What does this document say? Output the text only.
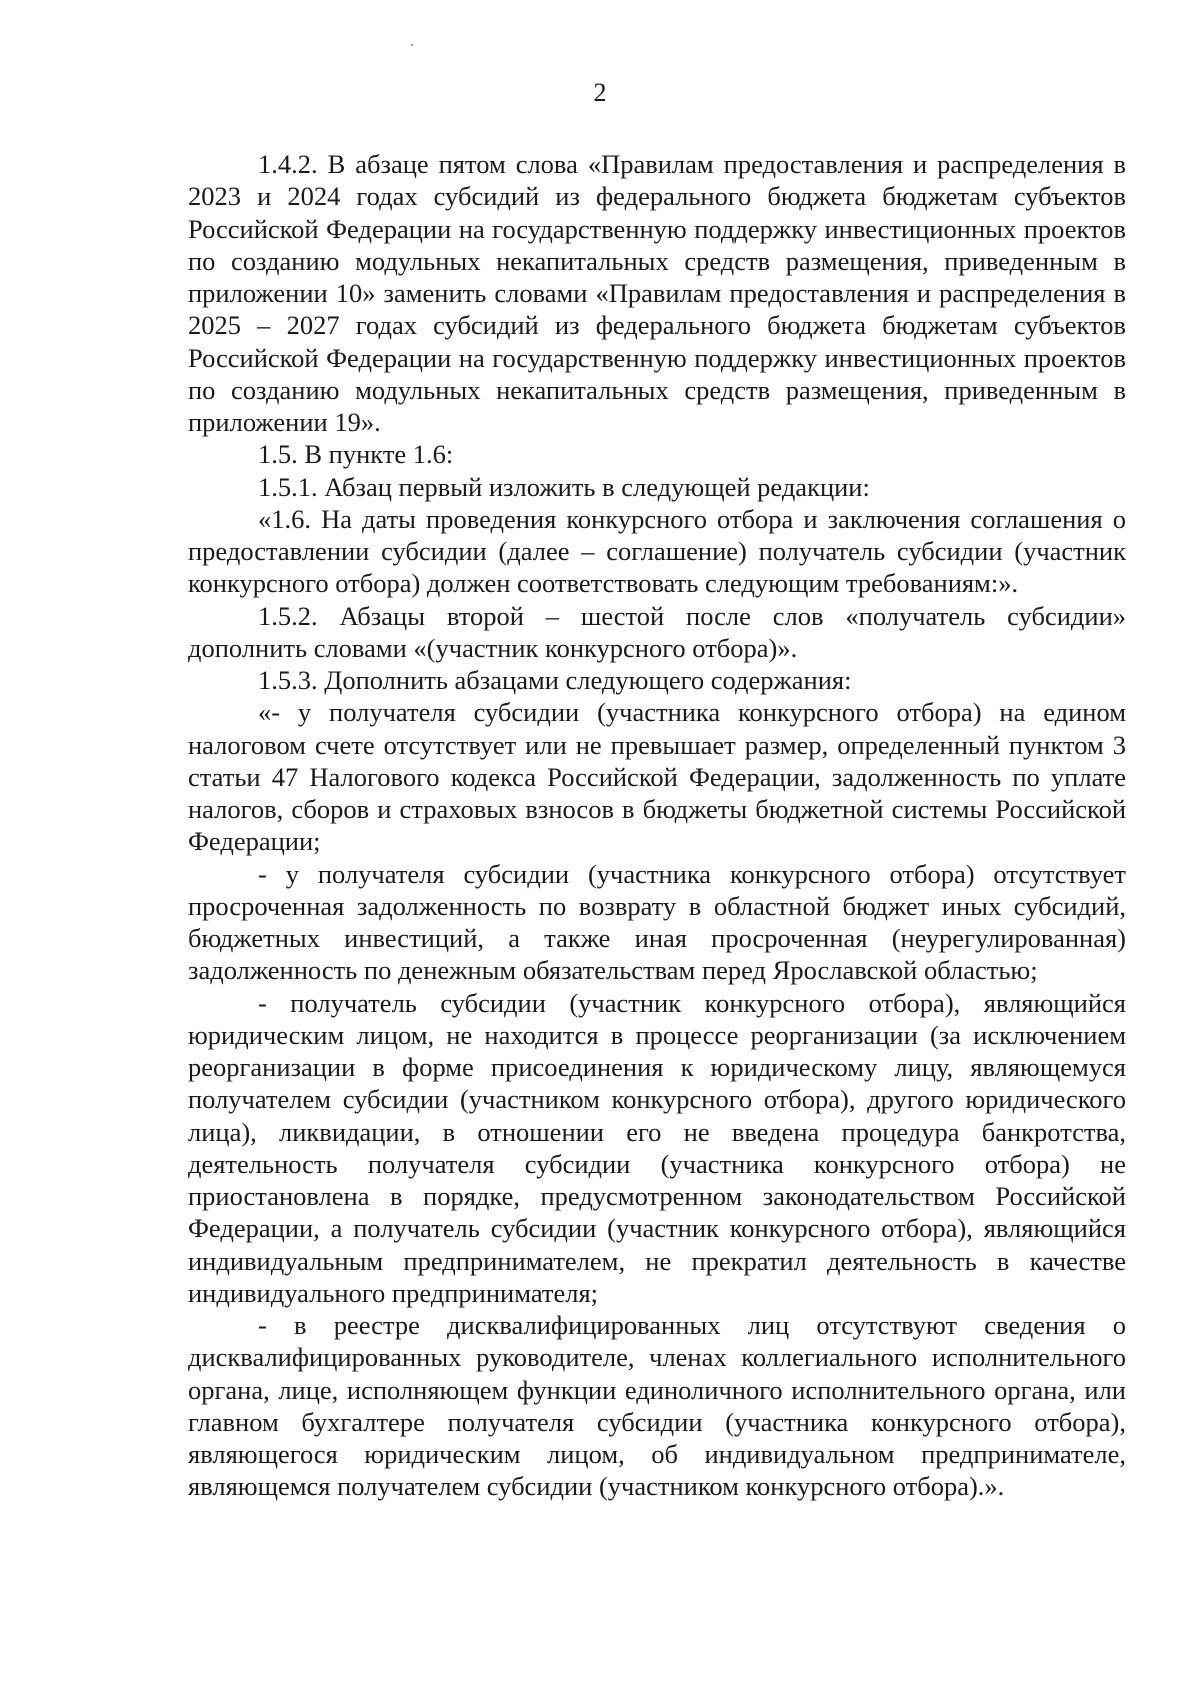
2

1.4.2. В абзаце пятом слова «Правилам предоставления и распределения в 2023 и 2024 годах субсидий из федерального бюджета бюджетам субъектов Российской Федерации на государственную поддержку инвестиционных проектов по созданию модульных некапитальных средств размещения, приведенным в приложении 10» заменить словами «Правилам предоставления и распределения в 2025 – 2027 годах субсидий из федерального бюджета бюджетам субъектов Российской Федерации на государственную поддержку инвестиционных проектов по созданию модульных некапитальных средств размещения, приведенным в приложении 19».

1.5. В пункте 1.6:

1.5.1. Абзац первый изложить в следующей редакции:

«1.6. На даты проведения конкурсного отбора и заключения соглашения о предоставлении субсидии (далее – соглашение) получатель субсидии (участник конкурсного отбора) должен соответствовать следующим требованиям:».

1.5.2. Абзацы второй – шестой после слов «получатель субсидии» дополнить словами «(участник конкурсного отбора)».

1.5.3. Дополнить абзацами следующего содержания:

«- у получателя субсидии (участника конкурсного отбора) на едином налоговом счете отсутствует или не превышает размер, определенный пунктом 3 статьи 47 Налогового кодекса Российской Федерации, задолженность по уплате налогов, сборов и страховых взносов в бюджеты бюджетной системы Российской Федерации;

- у получателя субсидии (участника конкурсного отбора) отсутствует просроченная задолженность по возврату в областной бюджет иных субсидий, бюджетных инвестиций, а также иная просроченная (неурегулированная) задолженность по денежным обязательствам перед Ярославской областью;

- получатель субсидии (участник конкурсного отбора), являющийся юридическим лицом, не находится в процессе реорганизации (за исключением реорганизации в форме присоединения к юридическому лицу, являющемуся получателем субсидии (участником конкурсного отбора), другого юридического лица), ликвидации, в отношении его не введена процедура банкротства, деятельность получателя субсидии (участника конкурсного отбора) не приостановлена в порядке, предусмотренном законодательством Российской Федерации, а получатель субсидии (участник конкурсного отбора), являющийся индивидуальным предпринимателем, не прекратил деятельность в качестве индивидуального предпринимателя;

- в реестре дисквалифицированных лиц отсутствуют сведения о дисквалифицированных руководителе, членах коллегиального исполнительного органа, лице, исполняющем функции единоличного исполнительного органа, или главном бухгалтере получателя субсидии (участника конкурсного отбора), являющегося юридическим лицом, об индивидуальном предпринимателе, являющемся получателем субсидии (участником конкурсного отбора).».
